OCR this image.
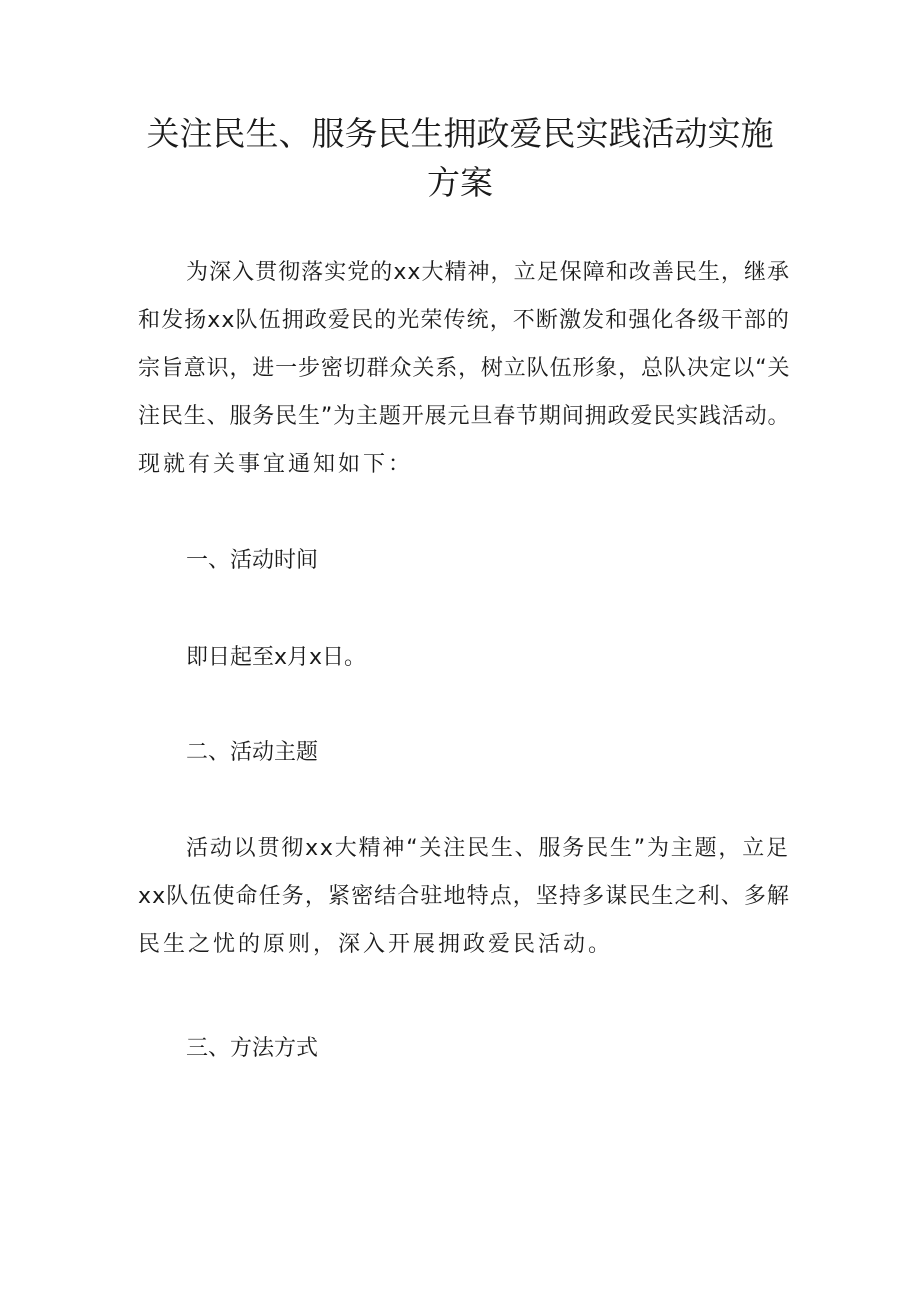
关注民生、服务民生拥政爱民实践活动实施
方案
为深入贯彻落实党的xx大精神，立足保障和改善民生，继承
和发扬xx队伍拥政爱民的光荣传统，不断激发和强化各级干部的
宗旨意识，进一步密切群众关系，树立队伍形象，总队决定以“关
注民生、服务民生”为主题开展元旦春节期间拥政爱民实践活动。
现就有关事宜通知如下：
一、活动时间

即日起至x月x日。

二、活动主题
活动以贯彻xx大精神“关注民生、服务民生”为主题，立足
xx队伍使命任务，紧密结合驻地特点，坚持多谋民生之利、多解
民生之忧的原则，深入开展拥政爱民活动。
三、方法方式
